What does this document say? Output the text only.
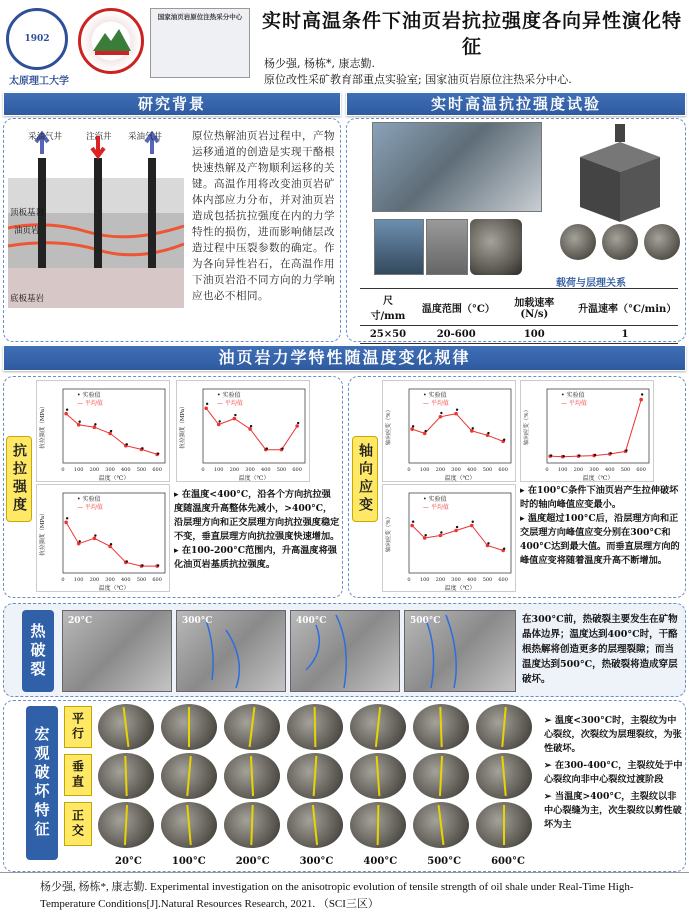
1902
太原理工大学
国家油页岩原位注热采分中心 实时高温条件下油页岩抗拉强度各向异性演化特征
杨少强, 杨栋*, 康志勤.
原位改性采矿教育部重点实验室; 国家油页岩原位注热采分中心.
研究背景
采油气井	注汽井 采油气井
顶板基岩
油页岩
底板基岩
原位热解油页岩过程中，产物运移通道的创造是实现干酪根快速热解及产物顺利运移的关键。高温作用将改变油页岩矿体内部应力分布，并对油页岩造成包括抗拉强度在内的力学特性的损伤，进而影响储层改造过程中压裂参数的确定。作为各向异性岩石，在高温作用下油页岩沿不同方向的力学响应也必不相同。
实时高温抗拉强度试验
载荷与层理关系
尺寸/mm	温度范围（°C）	加载速率(N/s)	升温速率（°C/min）
25×50	20-600	100	1
油页岩力学特性随温度变化规律
抗拉强度	0 100 200 300 400 500 600
温度（℃）
抗拉强度（MPa）
• 实验值
— 平均值
0 100 200 300 400 500 600
温度（℃）
抗拉强度（MPa）
• 实验值
— 平均值
0 100 200 300 400 500 600
温度（℃）
抗拉强度（MPa）
• 实验值
— 平均值
▸ 在温度<400°C，沿各个方向抗拉强度随温度升高整体先减小，>400°C，沿层理方向和正交层理方向抗拉强度稳定不变，垂直层理方向抗拉强度快速增加。
▸ 在100-200°C范围内，升高温度将强化油页岩基质抗拉强度。
轴向应变	0 100 200 300 400 500 600
温度（℃）
轴向应变（%）
• 实验值
— 平均值
0 100 200 300 400 500 600
温度（℃）
轴向应变（%）
• 实验值
— 平均值
0 100 200 300 400 500 600
温度（℃）
轴向应变（%）
• 实验值
— 平均值
▸ 在100°C条件下油页岩产生拉伸破坏时的轴向峰值应变最小。
▸ 温度超过100°C后，沿层理方向和正交层理方向峰值应变分别在300°C和400°C达到最大值。而垂直层理方向的峰值应变将随着温度升高不断增加。
热破裂
20°C	300°C	400°C	500°C	在300°C前，热破裂主要发生在矿物晶体边界；温度达到400°C时，干酪根热解将创造更多的层理裂隙；而当温度达到500°C，热破裂将造成穿层破坏。
宏观破坏特征	平行
垂直
正交
20°C	100°C	200°C	300°C	400°C	500°C	600°C
➢ 温度<300°C时，主裂纹为中心裂纹，次裂纹为层理裂纹，为张性破坏。
➢ 在300-400°C，主裂纹处于中心裂纹向非中心裂纹过渡阶段
➢ 当温度>400°C，主裂纹以非中心裂缝为主，次生裂纹以剪性破坏为主
杨少强, 杨栋*, 康志勤. Experimental investigation on the anisotropic evolution of tensile strength of oil shale under Real-Time High-Temperature Conditions[J].Natural Resources Research, 2021. （SCI三区）
